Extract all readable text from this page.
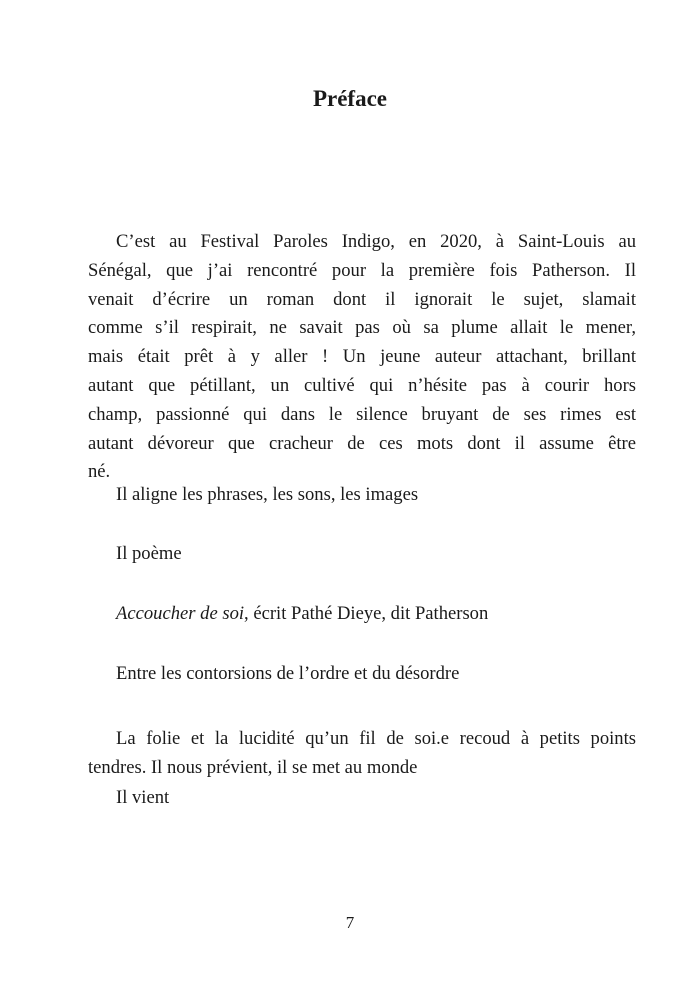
Préface
C’est au Festival Paroles Indigo, en 2020, à Saint-Louis au
Sénégal, que j’ai rencontré pour la première fois Patherson. Il
venait d’écrire un roman dont il ignorait le sujet, slamait
comme s’il respirait, ne savait pas où sa plume allait le mener,
mais était prêt à y aller ! Un jeune auteur attachant, brillant
autant que pétillant, un cultivé qui n’hésite pas à courir hors
champ, passionné qui dans le silence bruyant de ses rimes est
autant dévoreur que cracheur de ces mots dont il assume être
né.
Il aligne les phrases, les sons, les images
Il poème
Accoucher de soi, écrit Pathé Dieye, dit Patherson
Entre les contorsions de l’ordre et du désordre
La folie et la lucidité qu’un fil de soi.e recoud à petits points
tendres. Il nous prévient, il se met au monde
Il vient
7
